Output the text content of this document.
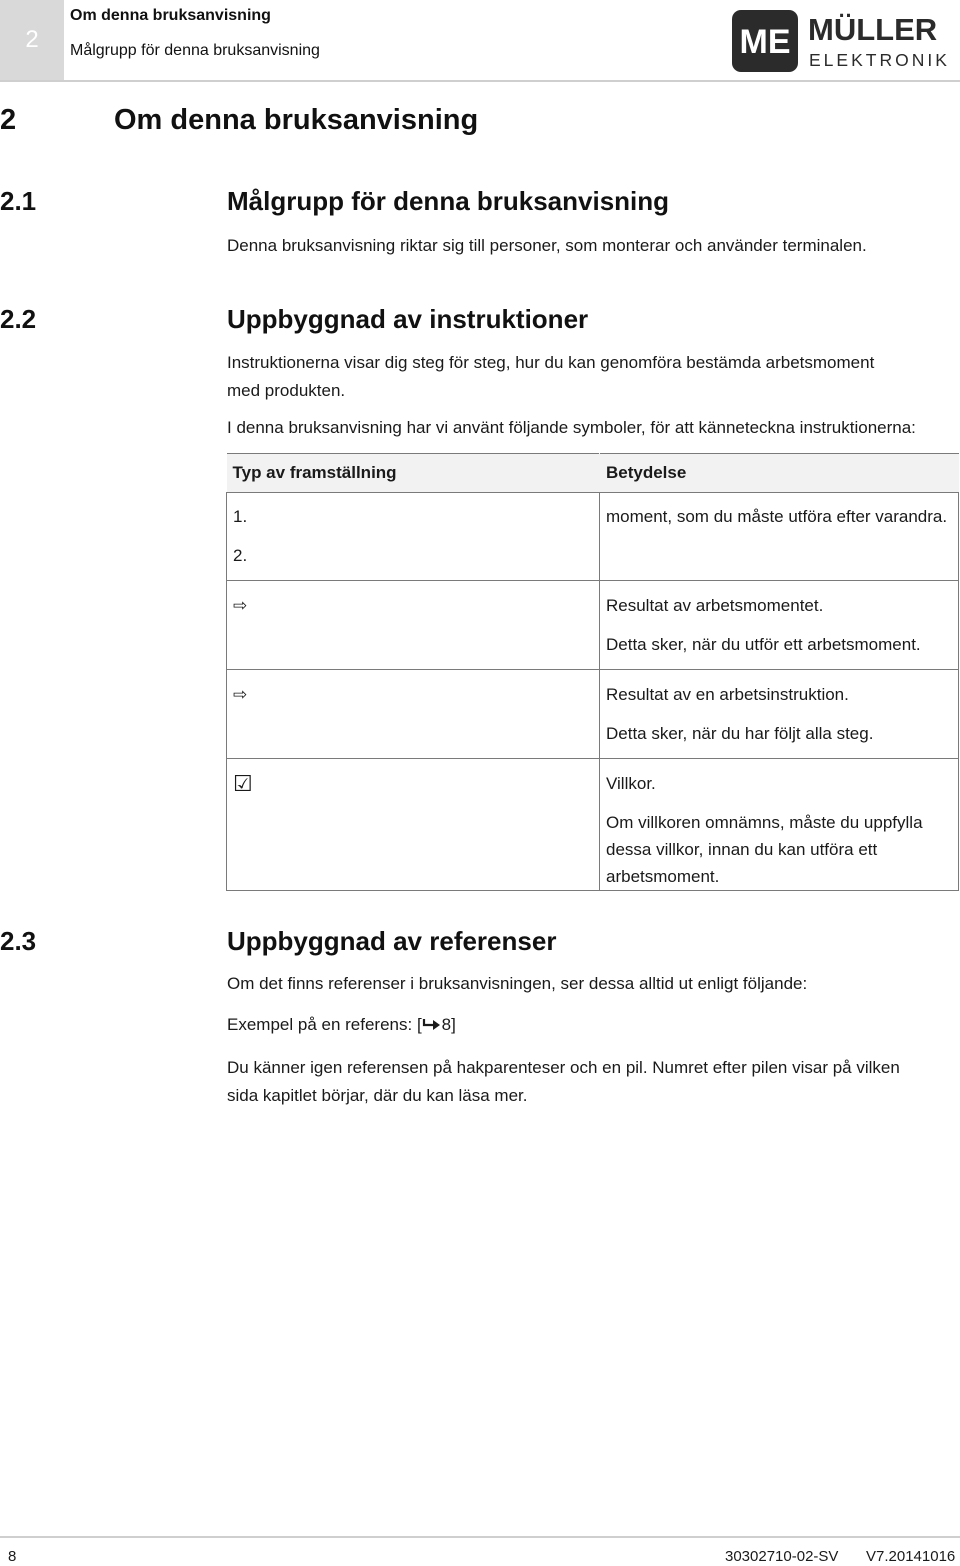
2
Om denna bruksanvisning
Målgrupp för denna bruksanvisning	ME MÜLLER
ELEKTRONIK
2	Om denna bruksanvisning
2.1	Målgrupp för denna bruksanvisning
Denna bruksanvisning riktar sig till personer, som monterar och använder terminalen.
2.2	Uppbyggnad av instruktioner
Instruktionerna visar dig steg för steg, hur du kan genomföra bestämda arbetsmoment med produkten.
I denna bruksanvisning har vi använt följande symboler, för att känneteckna instruktionerna:
Typ av framställning	Betydelse

1.
2.	moment, som du måste utföra efter varandra.

⇨	Resultat av arbetsmomentet.
Detta sker, när du utför ett arbetsmoment.

⇨	Resultat av en arbetsinstruktion.
Detta sker, när du har följt alla steg.

☑	Villkor.
Om villkoren omnämns, måste du uppfylla dessa villkor, innan du kan utföra ett arbetsmoment.
2.3	Uppbyggnad av referenser
Om det finns referenser i bruksanvisningen, ser dessa alltid ut enligt följande:
Exempel på en referens: [ 8]
Du känner igen referensen på hakparenteser och en pil. Numret efter pilen visar på vilken sida kapitlet börjar, där du kan läsa mer.
8	30302710-02-SV V7.20141016
